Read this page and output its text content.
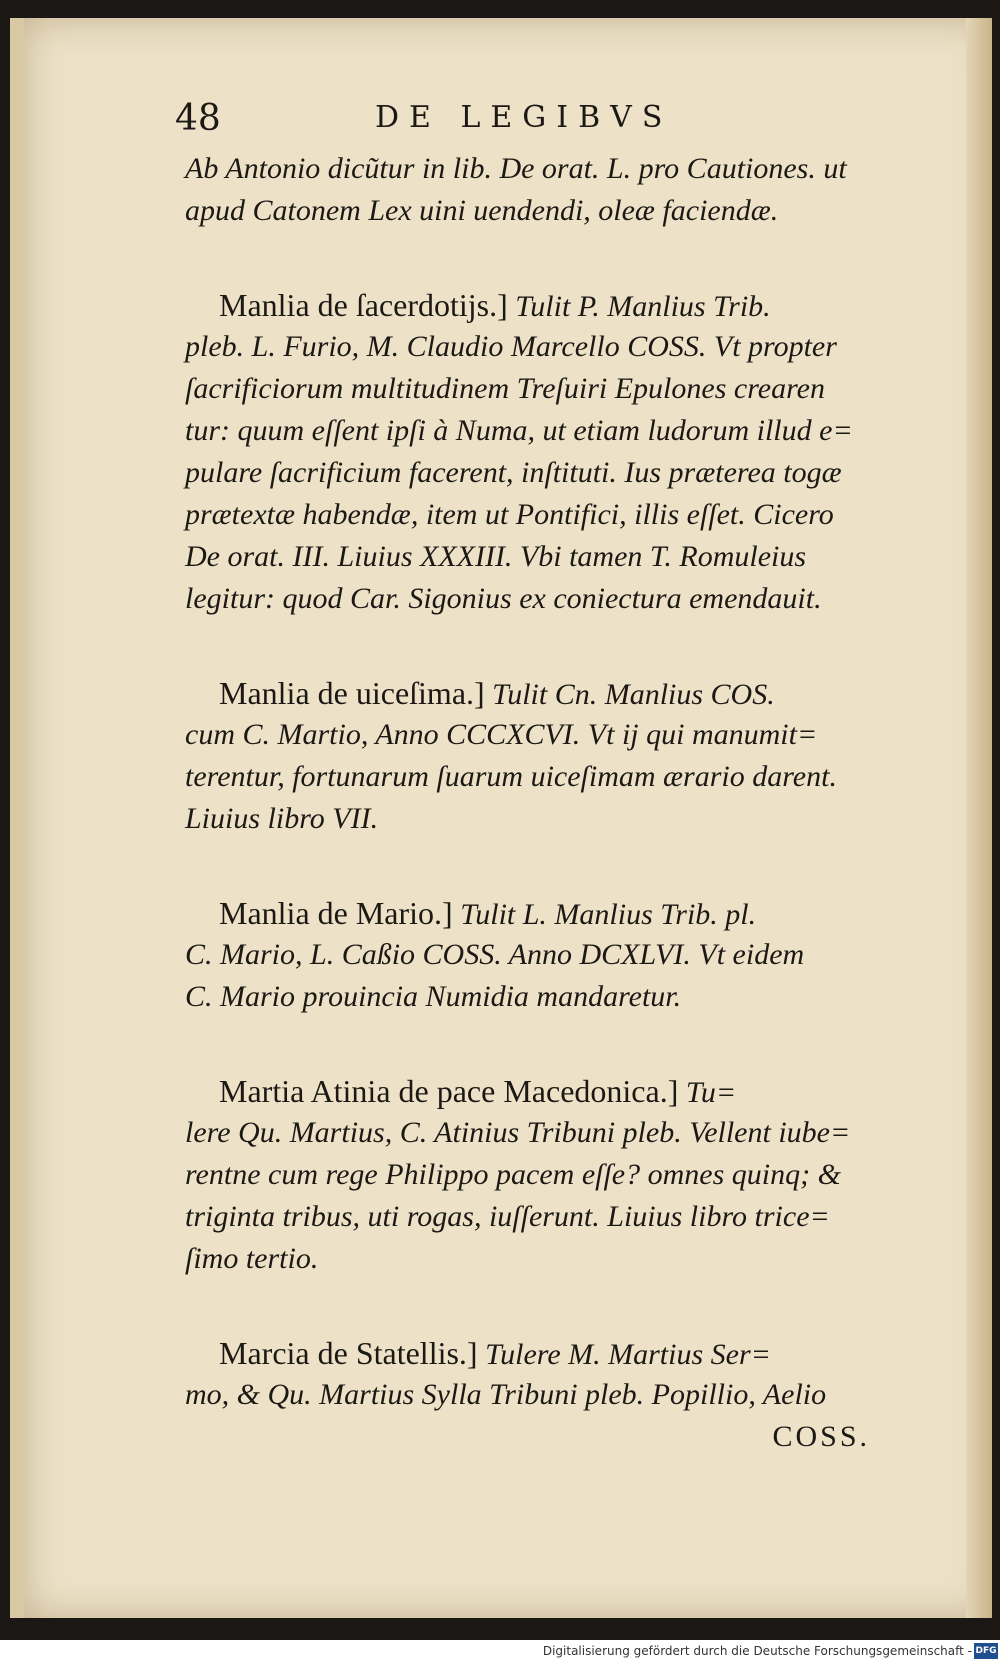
48	DE LEGIBVS
Ab Antonio dicũtur in lib. De orat. L. pro Cautiones. ut
apud Catonem Lex uini uendendi, oleæ faciendæ.
Manlia de ſacerdotijs.] Tulit P. Manlius Trib.
pleb. L. Furio, M. Claudio Marcello COSS. Vt propter
ſacrificiorum multitudinem Treſuiri Epulones crearen
tur: quum eſſent ipſi à Numa, ut etiam ludorum illud e=
pulare ſacrificium facerent, inſtituti. Ius præterea togæ
prætextæ habendæ, item ut Pontifici, illis eſſet. Cicero
De orat. III. Liuius XXXIII. Vbi tamen T. Romuleius
legitur: quod Car. Sigonius ex coniectura emendauit.
Manlia de uiceſima.] Tulit Cn. Manlius COS.
cum C. Martio, Anno CCCXCVI. Vt ij qui manumit=
terentur, fortunarum ſuarum uiceſimam ærario darent.
Liuius libro VII.
Manlia de Mario.] Tulit L. Manlius Trib. pl.
C. Mario, L. Caßio COSS. Anno DCXLVI. Vt eidem
C. Mario prouincia Numidia mandaretur.
Martia Atinia de pace Macedonica.] Tu=
lere Qu. Martius, C. Atinius Tribuni pleb. Vellent iube=
rentne cum rege Philippo pacem eſſe? omnes quinq; &
triginta tribus, uti rogas, iuſſerunt. Liuius libro trice=
ſimo tertio.
Marcia de Statellis.] Tulere M. Martius Ser=
mo, & Qu. Martius Sylla Tribuni pleb. Popillio, Aelio
COSS.
Digitalisierung gefördert durch die Deutsche Forschungsgemeinschaft - DFG
